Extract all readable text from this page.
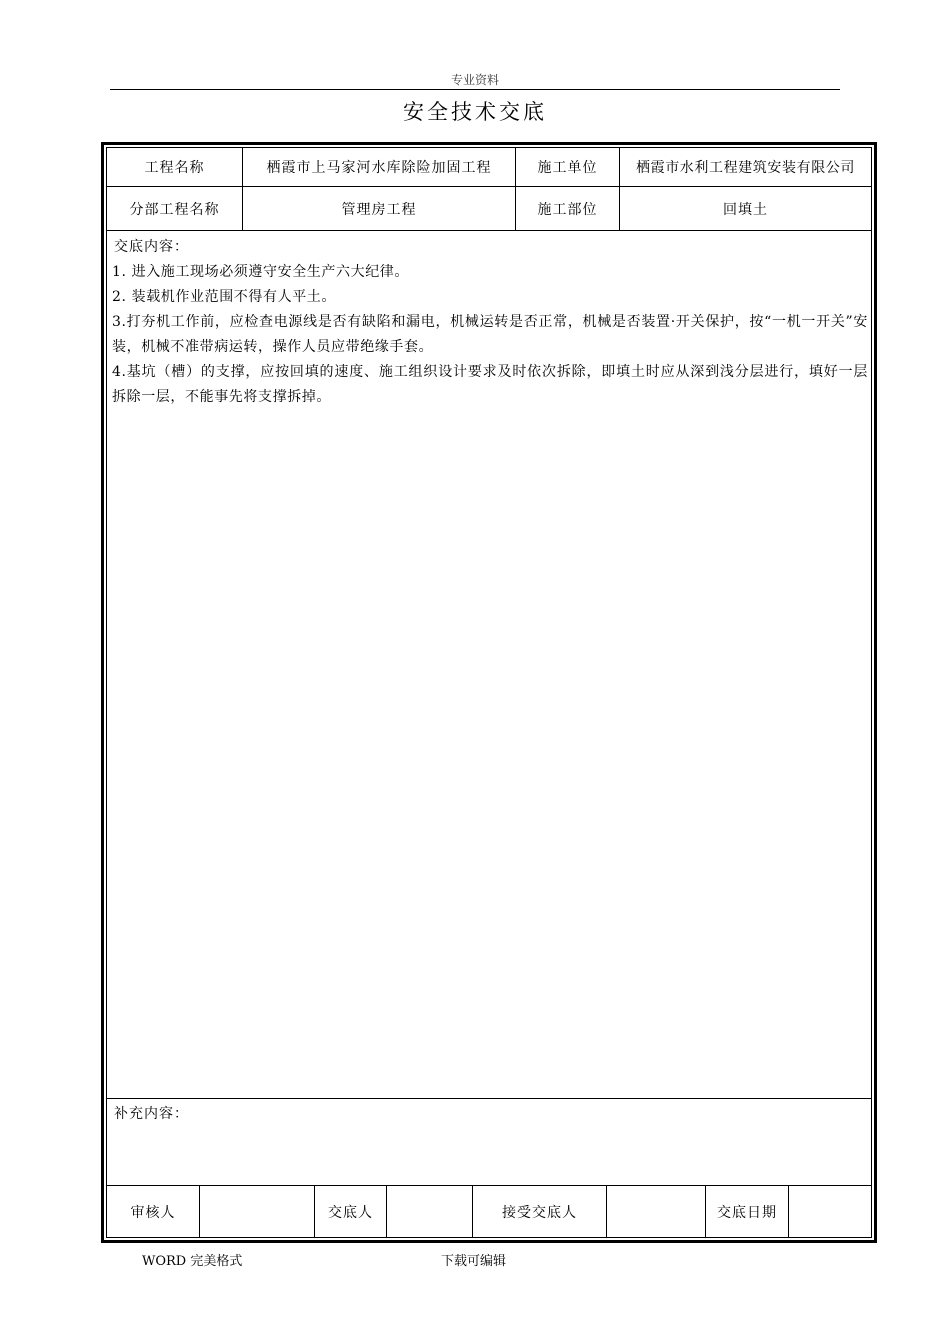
专业资料
安全技术交底
工程名称	栖霞市上马家河水库除险加固工程	施工单位	栖霞市水利工程建筑安装有限公司
分部工程名称	管理房工程	施工部位	回填土
交底内容：

1. 进入施工现场必须遵守安全生产六大纪律。

2. 装载机作业范围不得有人平土。

3.打夯机工作前，应检查电源线是否有缺陷和漏电，机械运转是否正常，机械是否装置·开关保护，按“一机一开关”安装，机械不准带病运转，操作人员应带绝缘手套。

4.基坑（槽）的支撑，应按回填的速度、施工组织设计要求及时依次拆除，即填土时应从深到浅分层进行，填好一层拆除一层，不能事先将支撑拆掉。

补充内容：
审核人	交底人	接受交底人	交底日期
WORD 完美格式	下载可编辑
